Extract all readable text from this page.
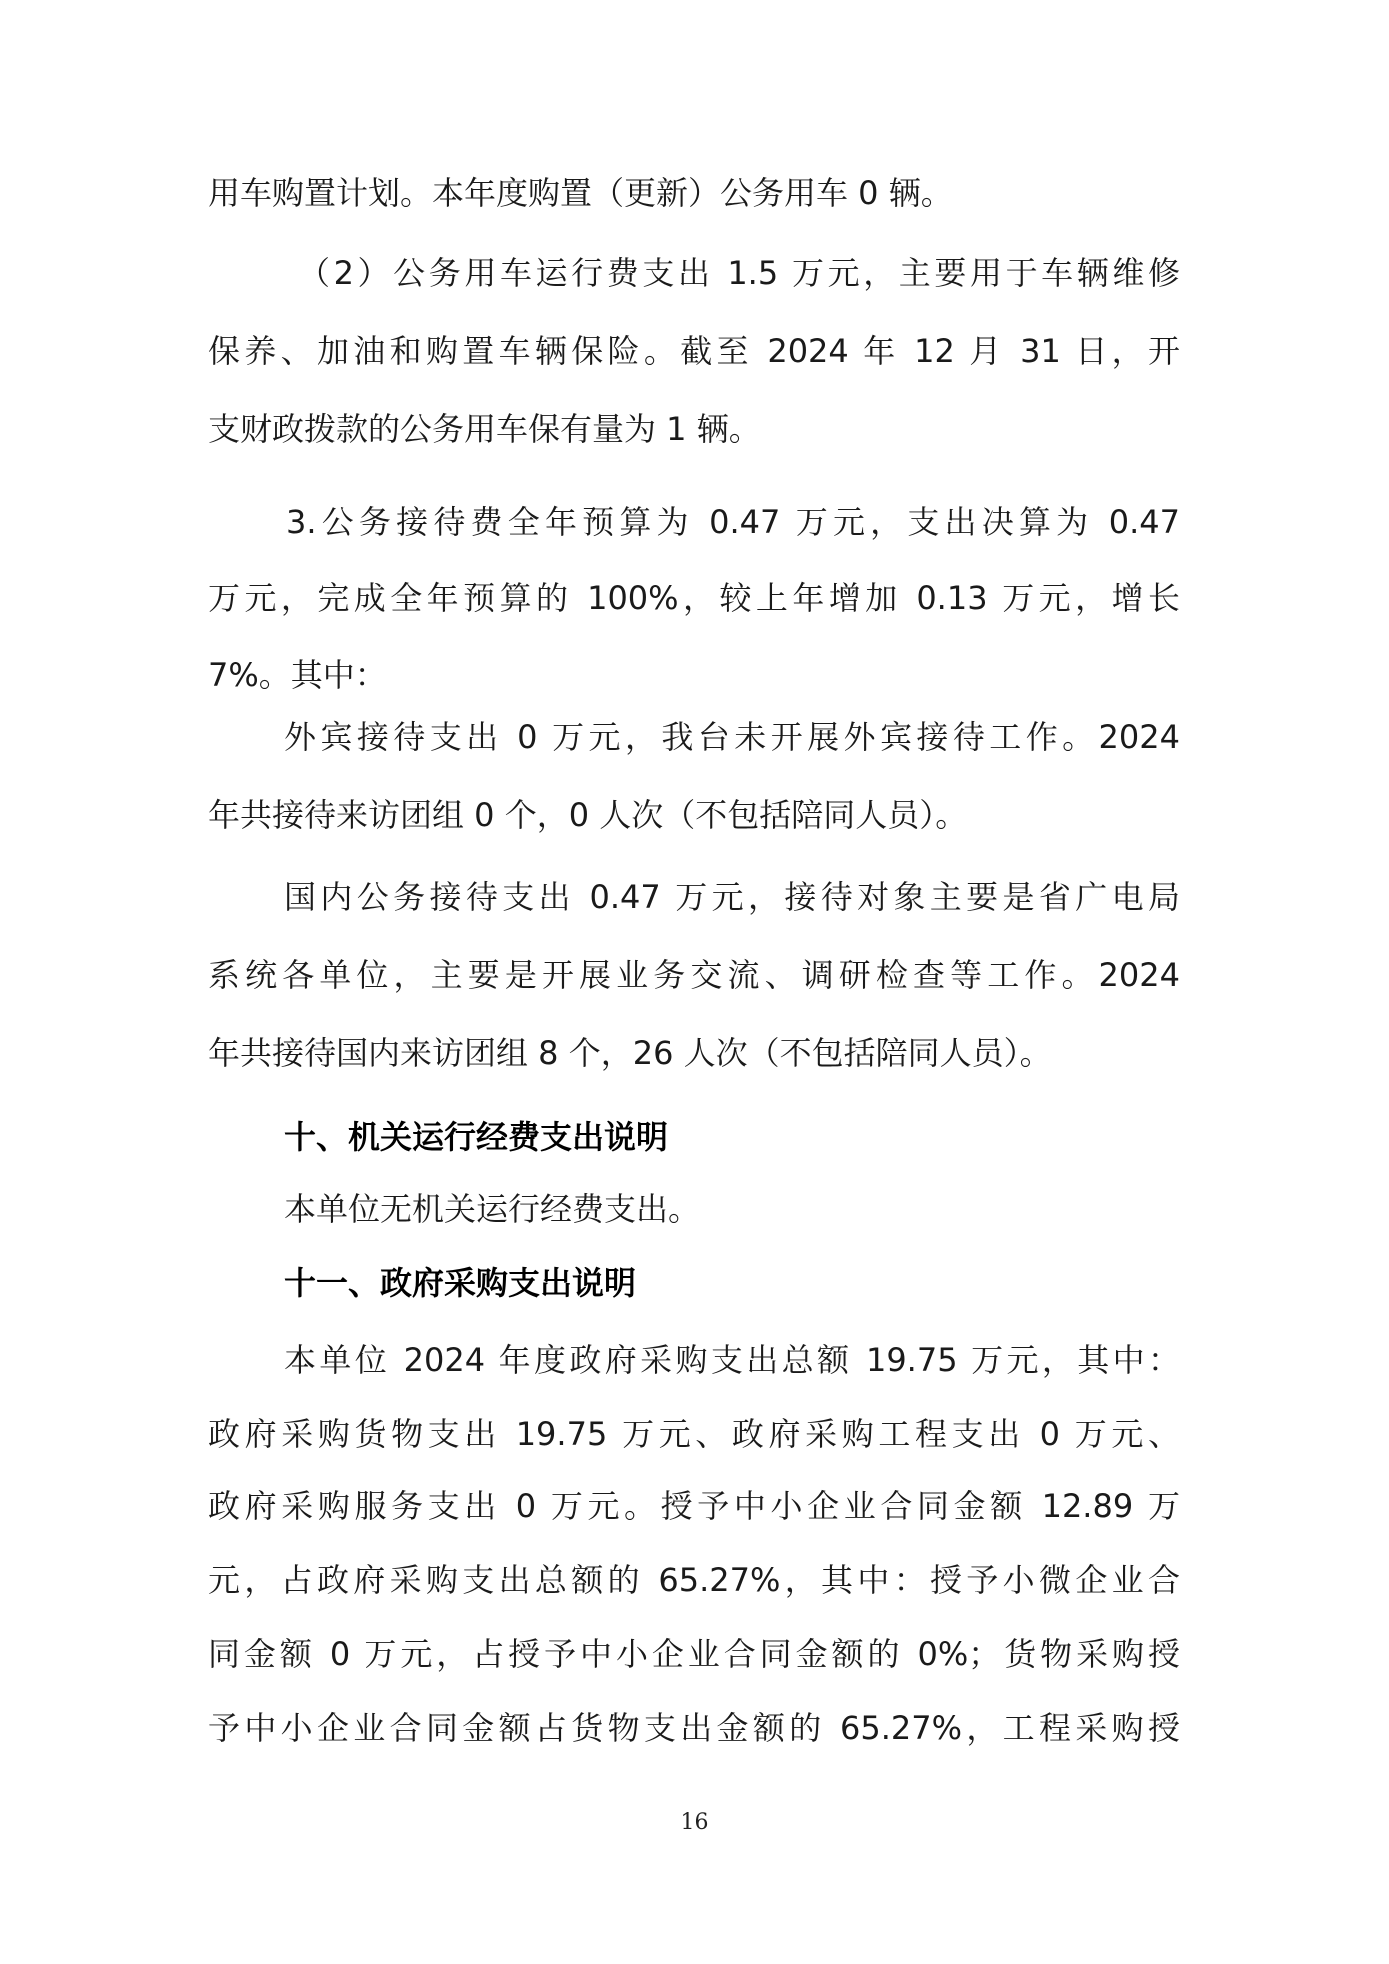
用车购置计划。本年度购置（更新）公务用车 0 辆。
（2）公务用车运行费支出 1.5 万元，主要用于车辆维修
保养、加油和购置车辆保险。截至 2024 年 12 月 31 日，开
支财政拨款的公务用车保有量为 1 辆。
3.公务接待费全年预算为 0.47 万元，支出决算为 0.47
万元，完成全年预算的 100%，较上年增加 0.13 万元，增长
7%。其中：
外宾接待支出 0 万元，我台未开展外宾接待工作。2024
年共接待来访团组 0 个，0 人次（不包括陪同人员）。
国内公务接待支出 0.47 万元，接待对象主要是省广电局
系统各单位，主要是开展业务交流、调研检查等工作。2024
年共接待国内来访团组 8 个，26 人次（不包括陪同人员）。
十、机关运行经费支出说明
本单位无机关运行经费支出。
十一、政府采购支出说明
本单位 2024 年度政府采购支出总额 19.75 万元，其中：
政府采购货物支出 19.75 万元、政府采购工程支出 0 万元、
政府采购服务支出 0 万元。授予中小企业合同金额 12.89 万
元，占政府采购支出总额的 65.27%，其中：授予小微企业合
同金额 0 万元，占授予中小企业合同金额的 0%；货物采购授
予中小企业合同金额占货物支出金额的 65.27%，工程采购授
16
